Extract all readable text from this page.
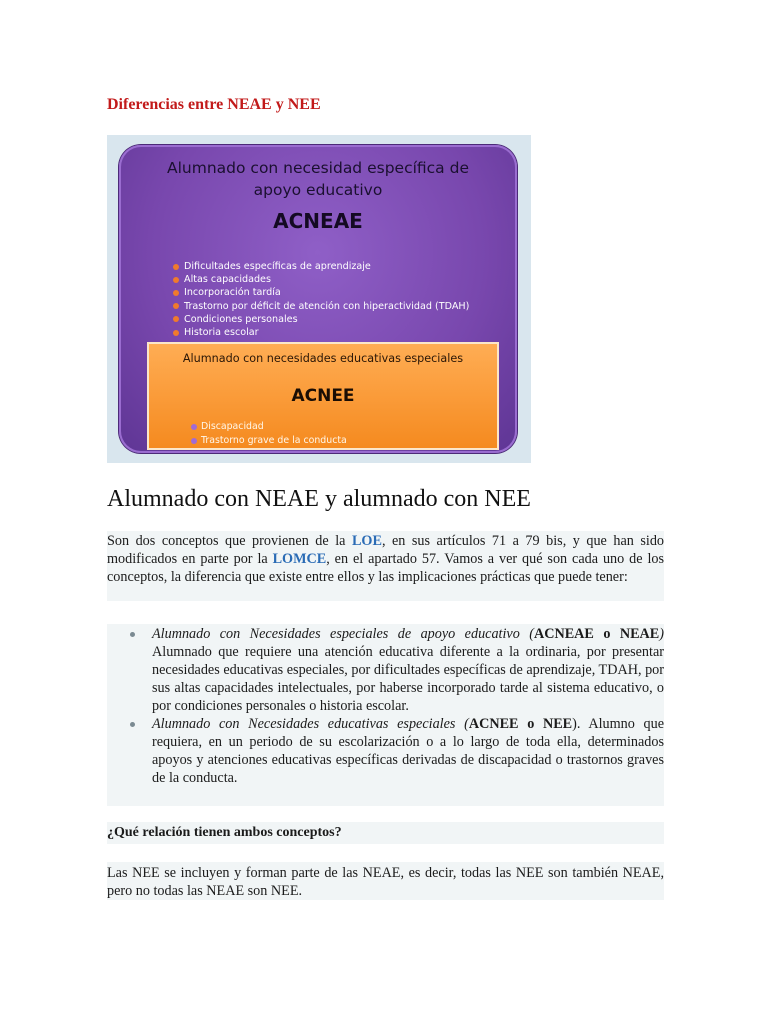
Diferencias entre NEAE y NEE
Alumnado con necesidad específica de
apoyo educativo
ACNEAE
Dificultades específicas de aprendizaje
Altas capacidades
Incorporación tardía
Trastorno por déficit de atención con hiperactividad (TDAH)
Condiciones personales
Historia escolar
Alumnado con necesidades educativas especiales
ACNEE
Discapacidad
Trastorno grave de la conducta
Alumnado con NEAE y alumnado con NEE
Son dos conceptos que provienen de la LOE, en sus artículos 71 a 79 bis, y que han sido modificados en parte por la LOMCE, en el apartado 57. Vamos a ver qué son cada uno de los conceptos, la diferencia que existe entre ellos y las implicaciones prácticas que puede tener:
Alumnado con Necesidades especiales de apoyo educativo (ACNEAE o NEAE) Alumnado que requiere una atención educativa diferente a la ordinaria, por presentar necesidades educativas especiales, por dificultades específicas de aprendizaje, TDAH, por sus altas capacidades intelectuales, por haberse incorporado tarde al sistema educativo, o por condiciones personales o historia escolar.
Alumnado con Necesidades educativas especiales (ACNEE o NEE). Alumno que requiera, en un periodo de su escolarización o a lo largo de toda ella, determinados apoyos y atenciones educativas específicas derivadas de discapacidad o trastornos graves de la conducta.
¿Qué relación tienen ambos conceptos?
Las NEE se incluyen y forman parte de las NEAE, es decir, todas las NEE son también NEAE, pero no todas las NEAE son NEE.
